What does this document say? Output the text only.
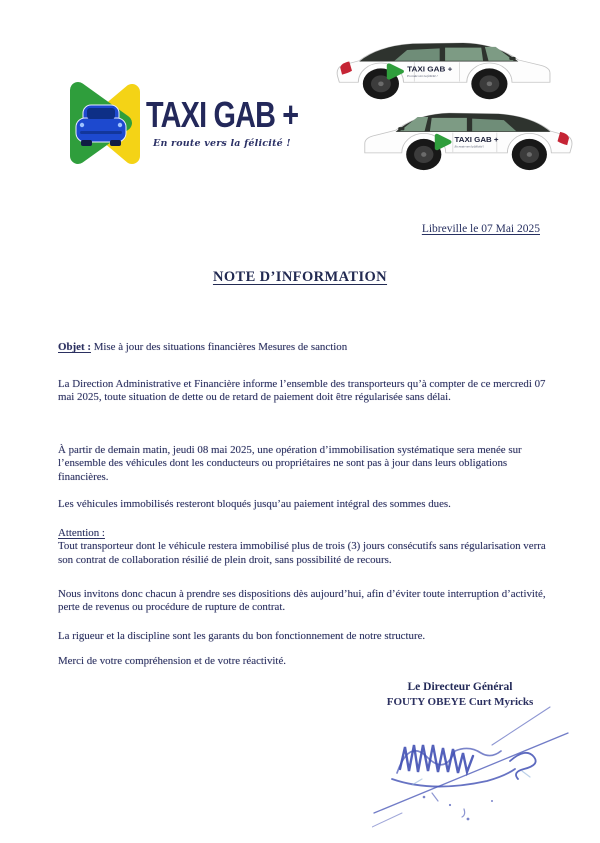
TAXI GAB +
En route vers la félicité !
TAXI GAB +
En route vers la félicité !
TAXI GAB +
En route vers la félicité !
Libreville le 07 Mai 2025
NOTE D’INFORMATION

Objet : Mise à jour des situations financières Mesures de sanction

La Direction Administrative et Financière informe l’ensemble des transporteurs qu’à compter de ce mercredi 07 mai 2025, toute situation de dette ou de retard de paiement doit être régularisée sans délai.

À partir de demain matin, jeudi 08 mai 2025, une opération d’immobilisation systématique sera menée sur l’ensemble des véhicules dont les conducteurs ou propriétaires ne sont pas à jour dans leurs obligations financières.

Les véhicules immobilisés resteront bloqués jusqu’au paiement intégral des sommes dues.

Attention :
Tout transporteur dont le véhicule restera immobilisé plus de trois (3) jours consécutifs sans régularisation verra son contrat de collaboration résilié de plein droit, sans possibilité de recours.

Nous invitons donc chacun à prendre ses dispositions dès aujourd’hui, afin d’éviter toute interruption d’activité, perte de revenus ou procédure de rupture de contrat.

La rigueur et la discipline sont les garants du bon fonctionnement de notre structure.

Merci de votre compréhension et de votre réactivité.

Le Directeur Général
FOUTY OBEYE Curt Myricks
